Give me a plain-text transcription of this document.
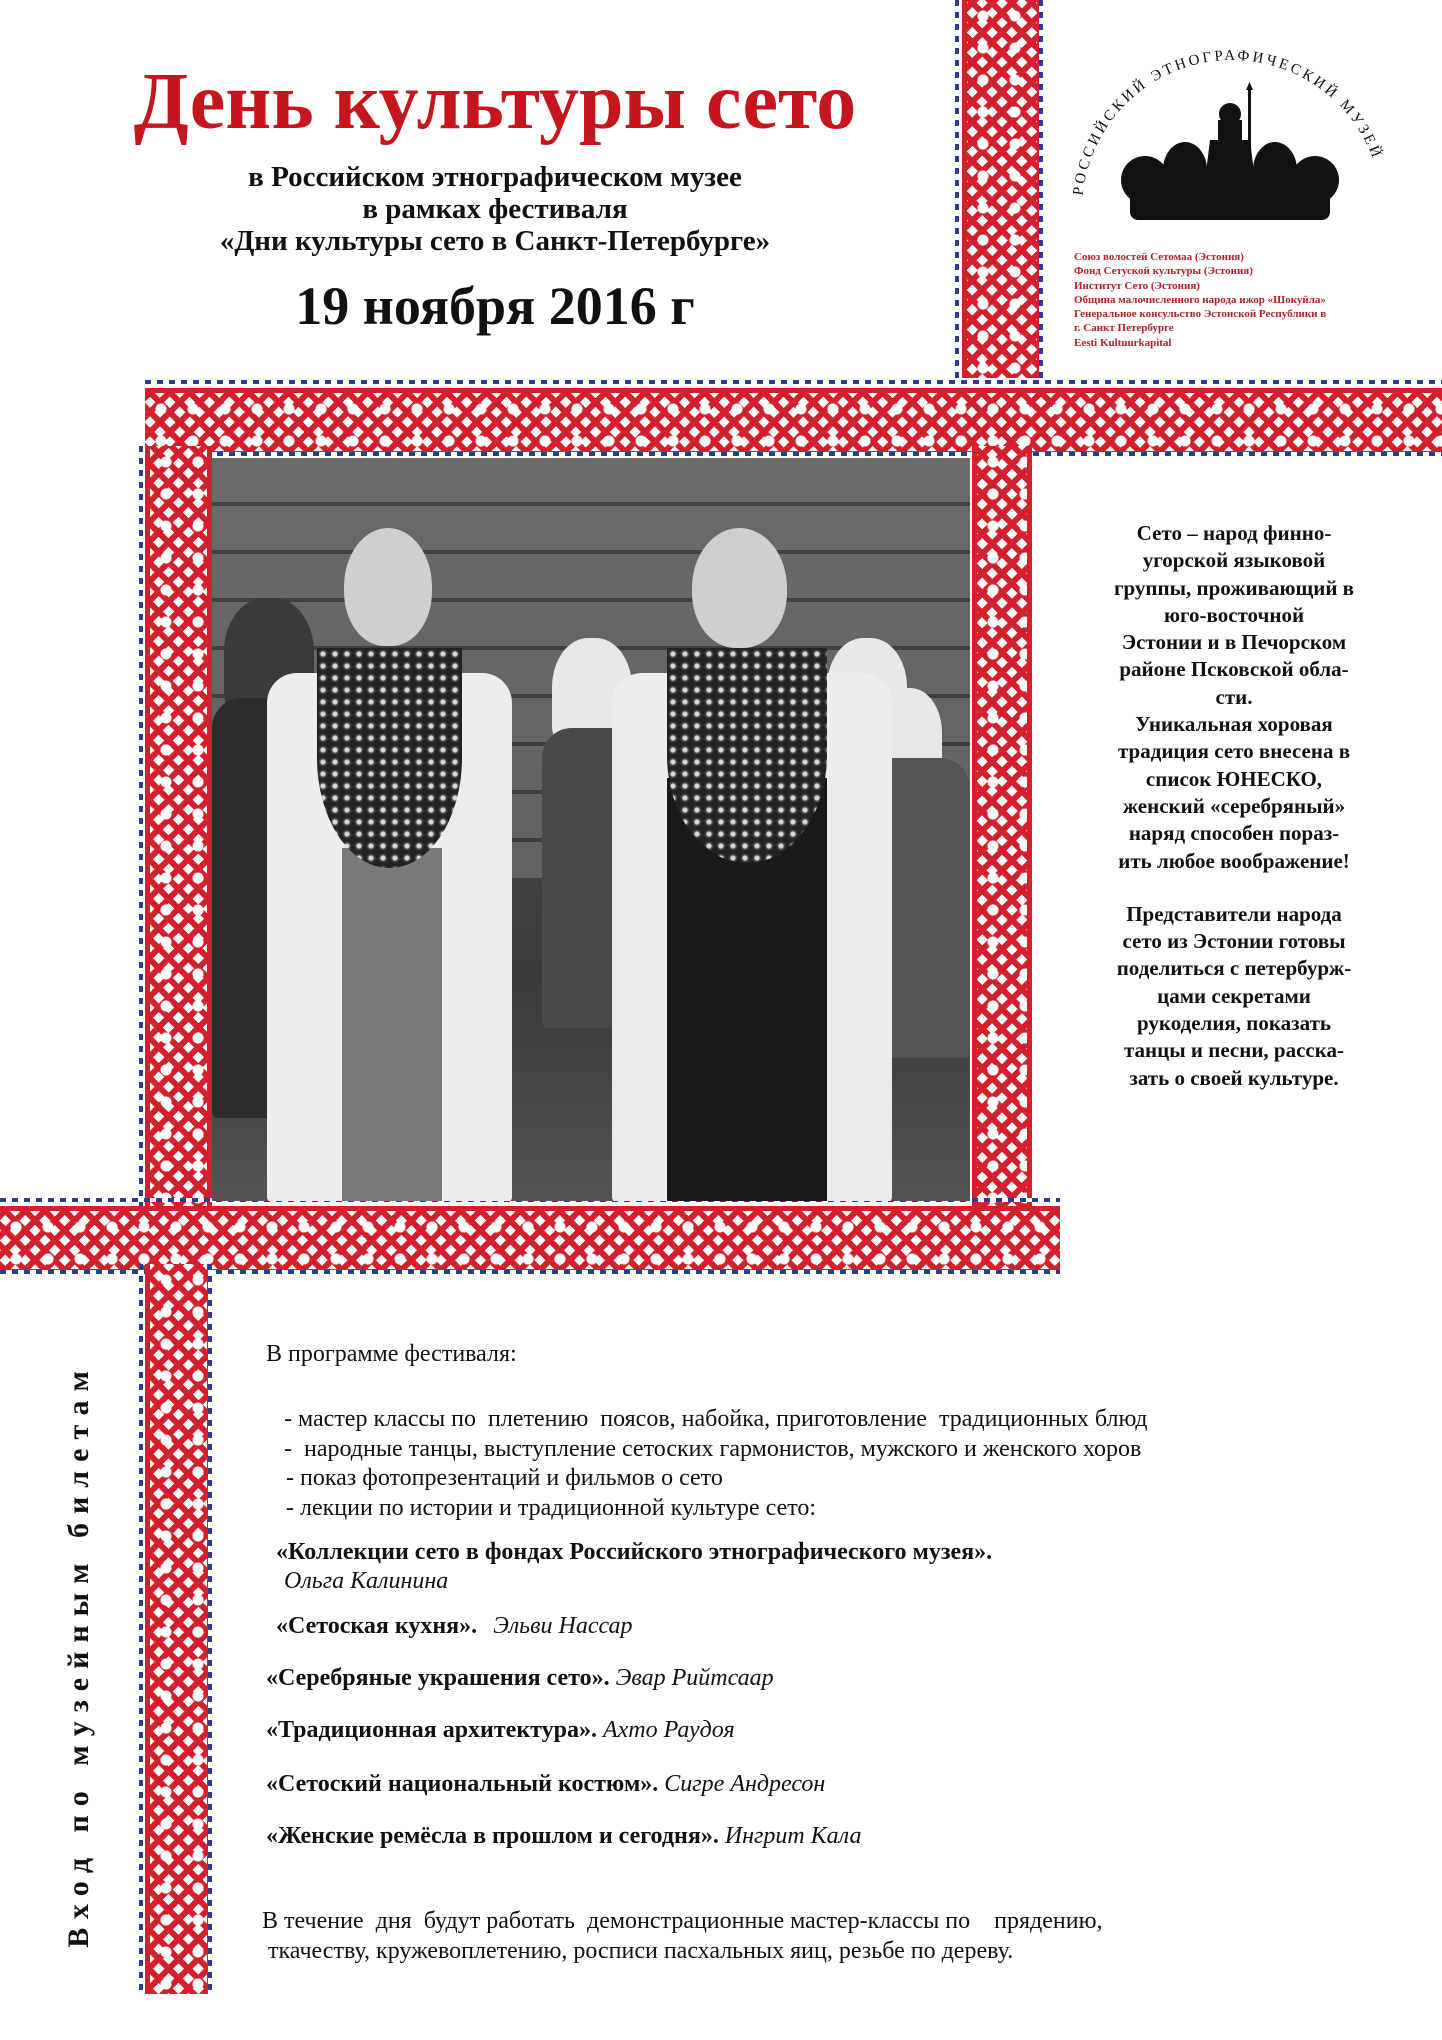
День культуры сето
в Российском этнографическом музее
в рамках фестиваля
«Дни культуры сето в Санкт-Петербурге»
19 ноября 2016 г
РОССИЙСКИЙ ЭТНОГРАФИЧЕСКИЙ МУЗЕЙ
Союз волостей Сетомаа (Эстония)
Фонд Сетуской культуры (Эстония)
Институт Сето (Эстония)
Община малочисленного народа ижор «Шокуйла»
Генеральное консульство Эстонской Республики в
г. Санкт Петербурге
Eesti Kultuurkapital

Сето – народ финно-
угорской языковой
группы, проживающий в
юго-восточной
Эстонии и в Печорском
районе Псковской обла-
сти.
Уникальная хоровая
традиция сето внесена в
список ЮНЕСКО,
женский «серебряный»
наряд способен пораз-
ить любое воображение!

Представители народа
сето из Эстонии готовы
поделиться с петербурж-
цами секретами
рукоделия, показать
танцы и песни, расска-
зать о своей культуре.

Вход по музейным билетам
В программе фестиваля:
- мастер классы по  плетению  поясов, набойка, приготовление  традиционных блюд
-  народные танцы, выступление сетоских гармонистов, мужского и женского хоров
- показ фотопрезентаций и фильмов о сето
- лекции по истории и традиционной культуре сето:
«Коллекции сето в фондах Российского этнографического музея».
Ольга Калинина
«Сетоская кухня». Эльви Нассар
«Серебряные украшения сето». Эвар Рийтсаар
«Традиционная архитектура». Ахто Раудоя
«Сетоский национальный костюм». Сигре Андресон
«Женские ремёсла в прошлом и сегодня». Ингрит Кала
В течение  дня  будут работать  демонстрационные мастер-классы по    прядению,
ткачеству, кружевоплетению, росписи пасхальных яиц, резьбе по дереву.
